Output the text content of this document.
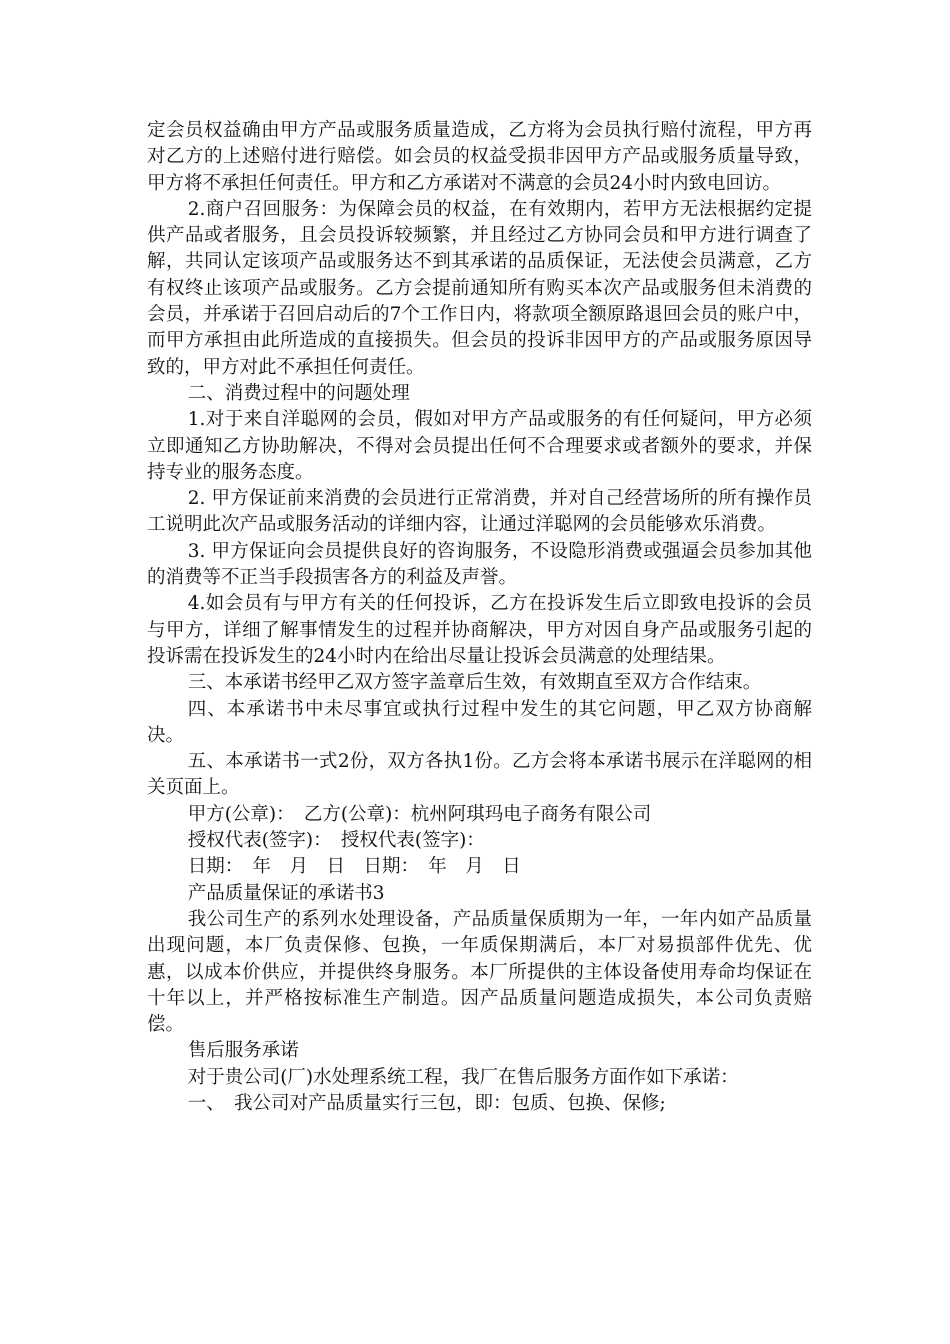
定会员权益确由甲方产品或服务质量造成，乙方将为会员执行赔付流程，甲方再对乙方的上述赔付进行赔偿。如会员的权益受损非因甲方产品或服务质量导致，甲方将不承担任何责任。甲方和乙方承诺对不满意的会员24小时内致电回访。

2.商户召回服务：为保障会员的权益，在有效期内，若甲方无法根据约定提供产品或者服务，且会员投诉较频繁，并且经过乙方协同会员和甲方进行调查了解，共同认定该项产品或服务达不到其承诺的品质保证，无法使会员满意，乙方有权终止该项产品或服务。乙方会提前通知所有购买本次产品或服务但未消费的会员，并承诺于召回启动后的7个工作日内，将款项全额原路退回会员的账户中，而甲方承担由此所造成的直接损失。但会员的投诉非因甲方的产品或服务原因导致的，甲方对此不承担任何责任。

二、消费过程中的问题处理

1.对于来自洋聪网的会员，假如对甲方产品或服务的有任何疑问，甲方必须立即通知乙方协助解决，不得对会员提出任何不合理要求或者额外的要求，并保持专业的服务态度。

2. 甲方保证前来消费的会员进行正常消费，并对自己经营场所的所有操作员工说明此次产品或服务活动的详细内容，让通过洋聪网的会员能够欢乐消费。

3. 甲方保证向会员提供良好的咨询服务，不设隐形消费或强逼会员参加其他的消费等不正当手段损害各方的利益及声誉。

4.如会员有与甲方有关的任何投诉，乙方在投诉发生后立即致电投诉的会员与甲方，详细了解事情发生的过程并协商解决，甲方对因自身产品或服务引起的投诉需在投诉发生的24小时内在给出尽量让投诉会员满意的处理结果。

三、本承诺书经甲乙双方签字盖章后生效，有效期直至双方合作结束。

四、本承诺书中未尽事宜或执行过程中发生的其它问题，甲乙双方协商解决。

五、本承诺书一式2份，双方各执1份。乙方会将本承诺书展示在洋聪网的相关页面上。

甲方(公章)：　乙方(公章)：杭州阿琪玛电子商务有限公司

授权代表(签字)：　授权代表(签字)：

日期：　年　月　日　日期：　年　月　日

产品质量保证的承诺书3

我公司生产的系列水处理设备，产品质量保质期为一年，一年内如产品质量出现问题，本厂负责保修、包换，一年质保期满后，本厂对易损部件优先、优惠，以成本价供应，并提供终身服务。本厂所提供的主体设备使用寿命均保证在十年以上，并严格按标准生产制造。因产品质量问题造成损失，本公司负责赔偿。

售后服务承诺

对于贵公司(厂)水处理系统工程，我厂在售后服务方面作如下承诺：

一、　我公司对产品质量实行三包，即：包质、包换、保修;
